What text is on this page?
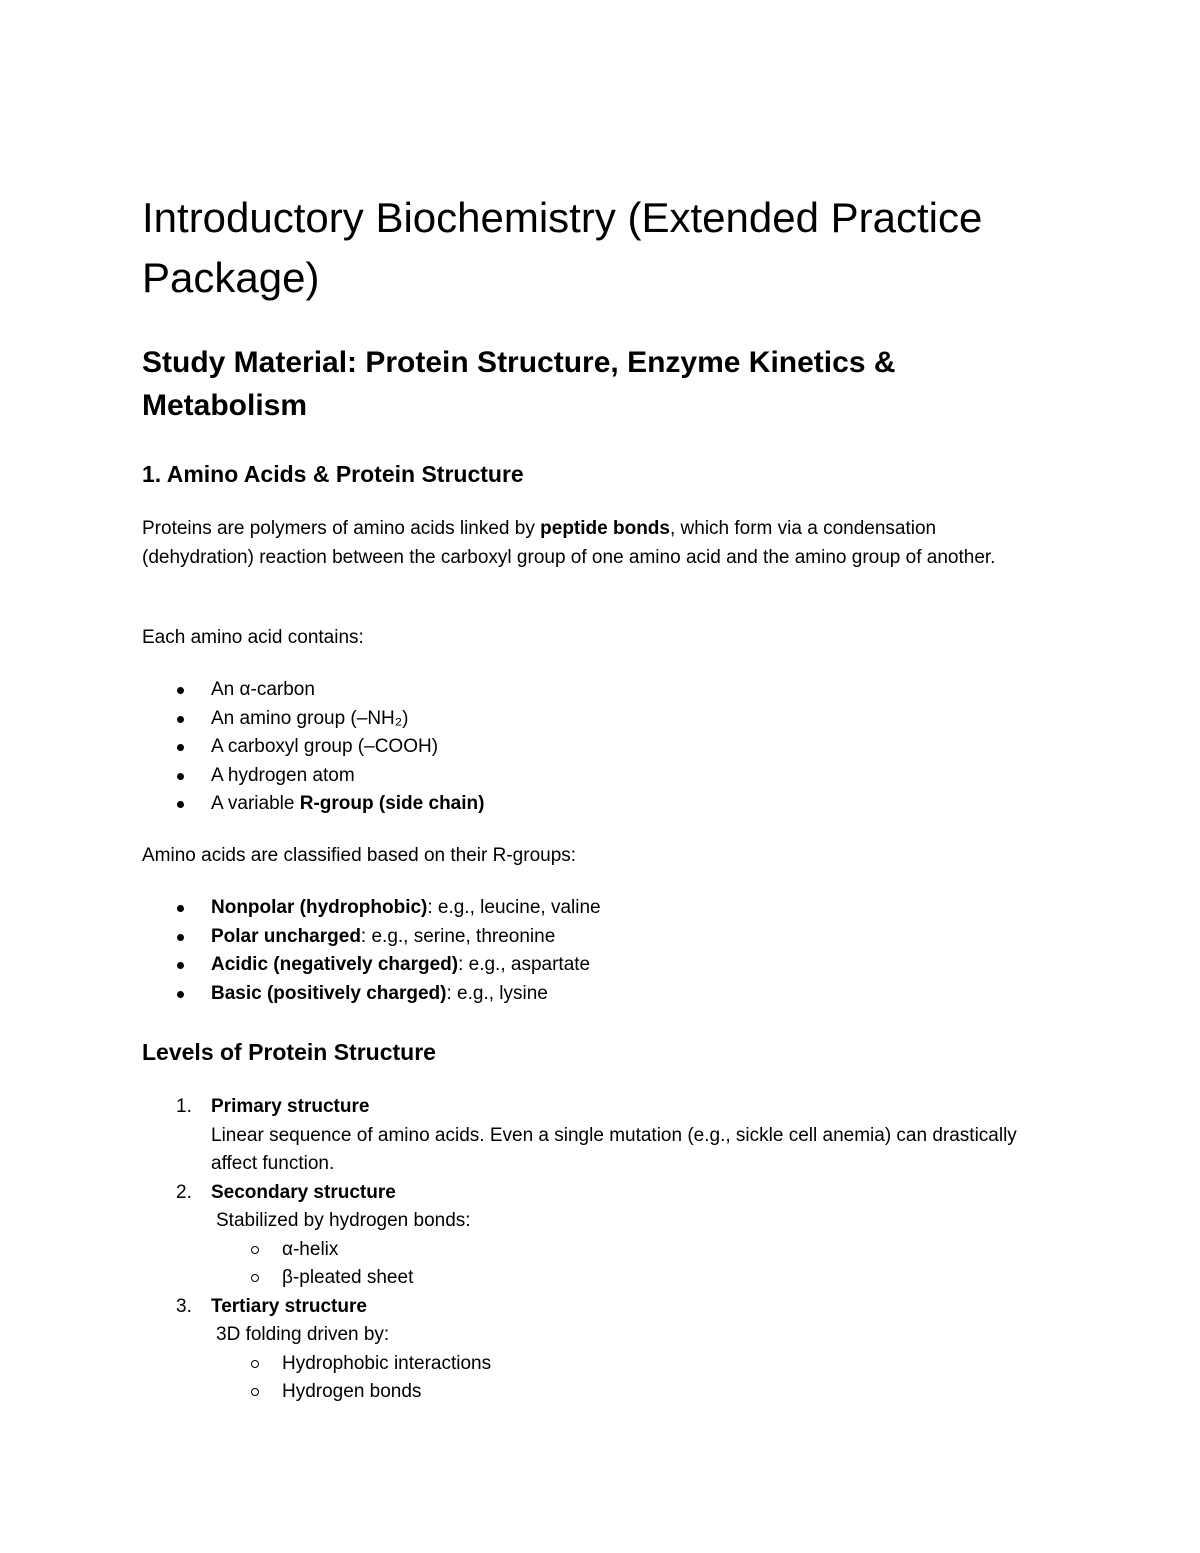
Introductory Biochemistry (Extended Practice Package)
Study Material: Protein Structure, Enzyme Kinetics & Metabolism
1. Amino Acids & Protein Structure

Proteins are polymers of amino acids linked by peptide bonds, which form via a condensation (dehydration) reaction between the carboxyl group of one amino acid and the amino group of another.

Each amino acid contains:

An α-carbon
An amino group (–NH₂)
A carboxyl group (–COOH)
A hydrogen atom
A variable R-group (side chain)

Amino acids are classified based on their R-groups:

Nonpolar (hydrophobic): e.g., leucine, valine
Polar uncharged: e.g., serine, threonine
Acidic (negatively charged): e.g., aspartate
Basic (positively charged): e.g., lysine
Levels of Protein Structure
1. Primary structure
Linear sequence of amino acids. Even a single mutation (e.g., sickle cell anemia) can drastically affect function.
2. Secondary structure
Stabilized by hydrogen bonds:
α-helix
β-pleated sheet
3. Tertiary structure
3D folding driven by:
Hydrophobic interactions
Hydrogen bonds
